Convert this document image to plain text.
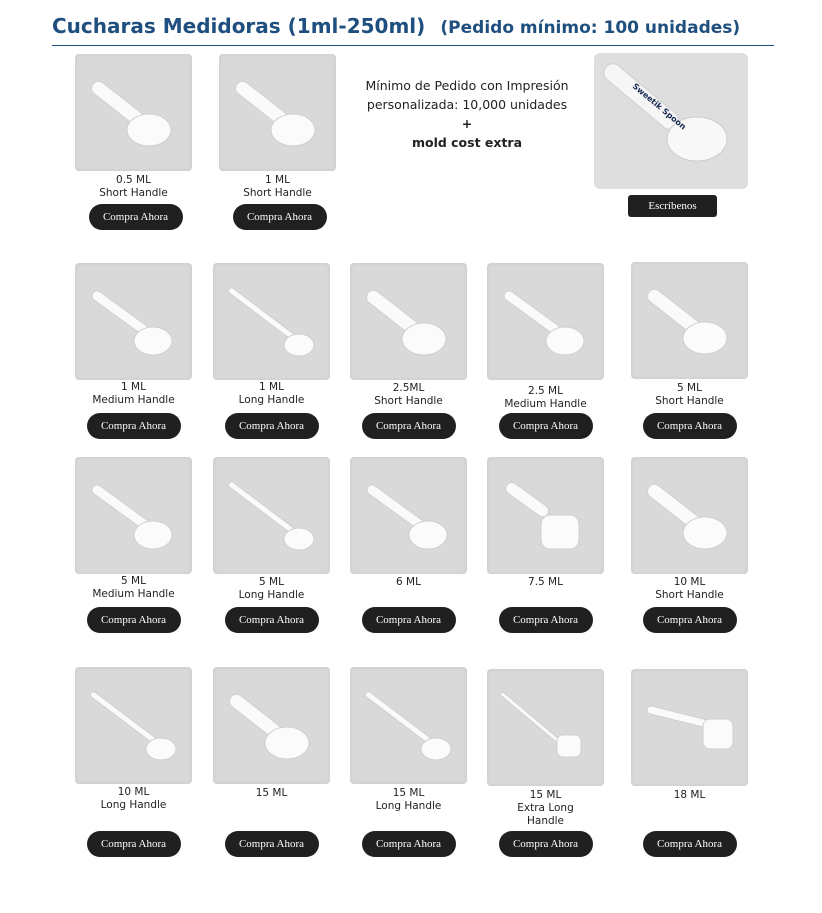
Cucharas Medidoras (1ml-250ml) (Pedido mínimo: 100 unidades)
0.5 ML
Short Handle
Compra Ahora
1 ML
Short Handle
Compra Ahora
1 ML
Medium Handle
Compra Ahora
1 ML
Long Handle
Compra Ahora
2.5ML
Short Handle
Compra Ahora
2.5 ML
Medium Handle
Compra Ahora
5 ML
Short Handle
Compra Ahora
5 ML
Medium Handle
Compra Ahora
5 ML
Long Handle
Compra Ahora
6 ML
Compra Ahora
7.5 ML
Compra Ahora
10 ML
Short Handle
Compra Ahora
10 ML
Long Handle
Compra Ahora
15 ML
Compra Ahora
15 ML
Long Handle
Compra Ahora
15 ML
Extra Long Handle
Compra Ahora
18 ML
Compra Ahora
Mínimo de Pedido con Impresión
personalizada: 10,000 unidades
+
mold cost extra
Sweetik Spoon
Escríbenos
